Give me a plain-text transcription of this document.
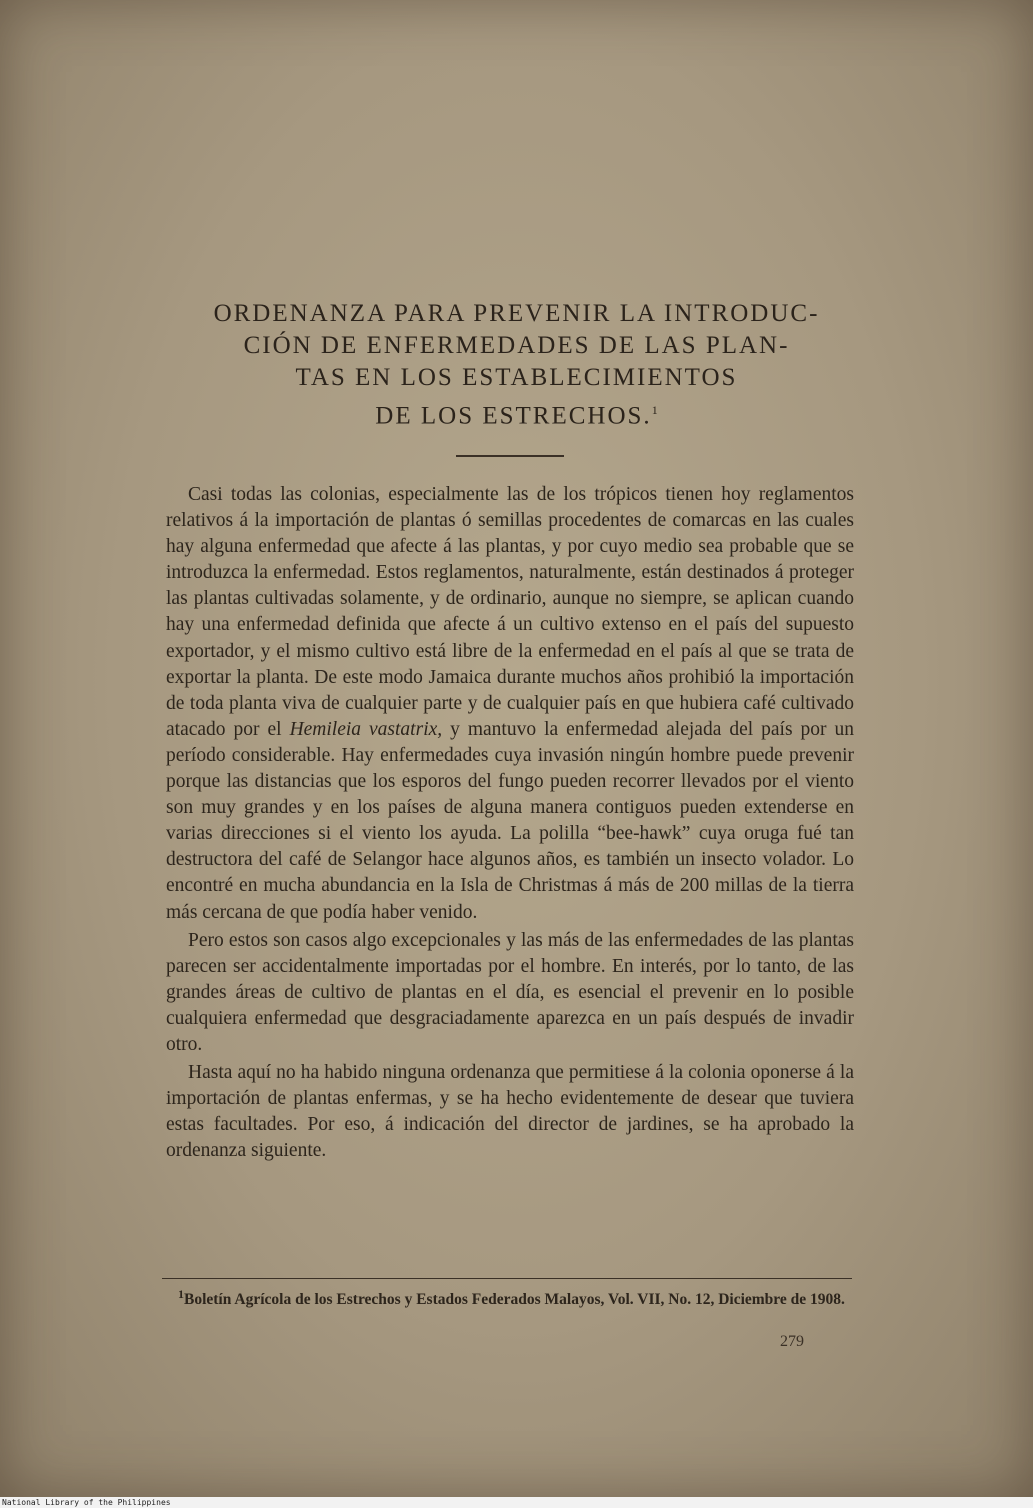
ORDENANZA PARA PREVENIR LA INTRODUC-
CIÓN DE ENFERMEDADES DE LAS PLAN-
TAS EN LOS ESTABLECIMIENTOS
DE LOS ESTRECHOS.$^1$

Casi todas las colonias, especialmente las de los trópicos tienen hoy reglamentos relativos á la importación de plantas ó semillas procedentes de comarcas en las cuales hay alguna enfermedad que afecte á las plantas, y por cuyo medio sea probable que se introduzca la enfermedad. Estos reglamentos, naturalmente, están destinados á proteger las plantas cultivadas solamente, y de ordinario, aunque no siempre, se aplican cuando hay una enfermedad definida que afecte á un cultivo extenso en el país del supuesto exportador, y el mismo cultivo está libre de la enfermedad en el país al que se trata de exportar la planta. De este modo Jamaica durante muchos años prohibió la importación de toda planta viva de cualquier parte y de cualquier país en que hubiera café cultivado atacado por el Hemileia vastatrix, y mantuvo la enfermedad alejada del país por un período considerable. Hay enfermedades cuya invasión ningún hombre puede prevenir porque las distancias que los esporos del fungo pueden recorrer llevados por el viento son muy grandes y en los países de alguna manera contiguos pueden extenderse en varias direcciones si el viento los ayuda. La polilla “bee-hawk” cuya oruga fué tan destructora del café de Selangor hace algunos años, es también un insecto volador. Lo encontré en mucha abundancia en la Isla de Christmas á más de 200 millas de la tierra más cercana de que podía haber venido.

Pero estos son casos algo excepcionales y las más de las enfermedades de las plantas parecen ser accidentalmente importadas por el hombre. En interés, por lo tanto, de las grandes áreas de cultivo de plantas en el día, es esencial el prevenir en lo posible cualquiera enfermedad que desgraciadamente aparezca en un país después de invadir otro.

Hasta aquí no ha habido ninguna ordenanza que permitiese á la colonia oponerse á la importación de plantas enfermas, y se ha hecho evidentemente de desear que tuviera estas facultades. Por eso, á indicación del director de jardines, se ha aprobado la ordenanza siguiente.

$^1$Boletín Agrícola de los Estrechos y Estados Federados Malayos, Vol. VII, No. 12, Diciembre de 1908.
279
National Library of the Philippines
